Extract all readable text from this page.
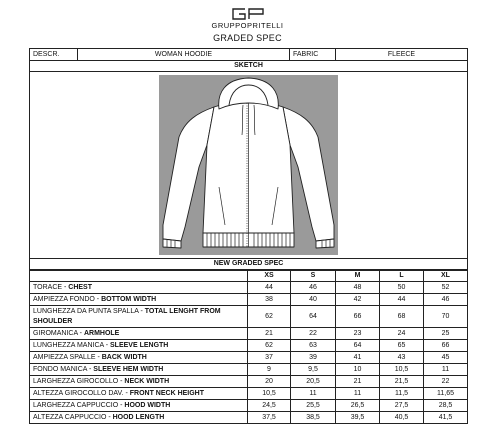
GRUPPOPRITELLI
GRADED SPEC
DESCR.	WOMAN HOODIE	FABRIC	FLEECE
SKETCH

NEW GRADED SPEC
	XS	S	M	L	XL
TORACE - CHEST	44	46	48	50	52
AMPIEZZA FONDO - BOTTOM WIDTH	38	40	42	44	46
LUNGHEZZA DA PUNTA SPALLA - TOTAL LENGHT FROM SHOULDER	62	64	66	68	70
GIROMANICA - ARMHOLE	21	22	23	24	25
LUNGHEZZA MANICA - SLEEVE LENGTH	62	63	64	65	66
AMPIEZZA SPALLE - BACK WIDTH	37	39	41	43	45
FONDO MANICA - SLEEVE HEM WIDTH	9	9,5	10	10,5	11
LARGHEZZA GIROCOLLO - NECK WIDTH	20	20,5	21	21,5	22
ALTEZZA GIROCOLLO DAV. - FRONT NECK HEIGHT	10,5	11	11	11,5	11,65
LARGHEZZA CAPPUCCIO - HOOD WIDTH	24,5	25,5	26,5	27,5	28,5
ALTEZZA CAPPUCCIO - HOOD LENGTH	37,5	38,5	39,5	40,5	41,5
